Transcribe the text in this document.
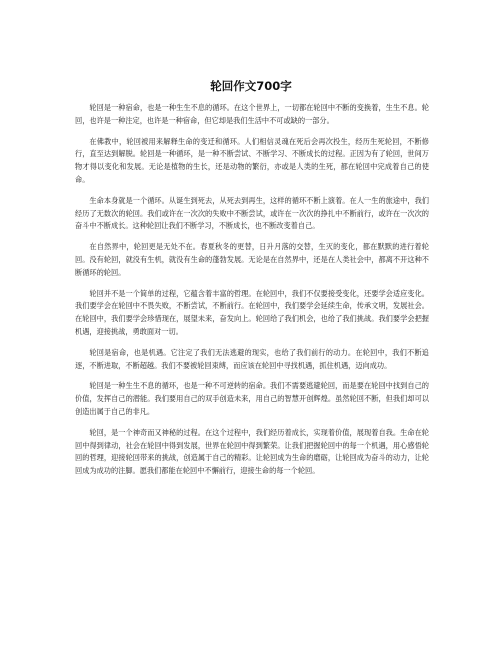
轮回作文700字

轮回是一种宿命，也是一种生生不息的循环。在这个世界上，一切都在轮回中不断的变换着，生生不息。轮回，也许是一种注定，也许是一种宿命，但它却是我们生活中不可或缺的一部分。

在佛教中，轮回被用来解释生命的变迁和循环。人们相信灵魂在死后会再次投生，经历生死轮回，不断修行，直至达到解脱。轮回是一种循环，是一种不断尝试、不断学习、不断成长的过程。正因为有了轮回，世间万物才得以变化和发展。无论是植物的生长，还是动物的繁衍，亦或是人类的生死，都在轮回中完成着自己的使命。

生命本身就是一个循环。从诞生到死去，从死去到再生，这样的循环不断上演着。在人一生的旅途中，我们经历了无数次的轮回。我们或许在一次次的失败中不断尝试，或许在一次次的挣扎中不断前行，或许在一次次的奋斗中不断成长。这种轮回让我们不断学习，不断成长，也不断改变着自己。

在自然界中，轮回更是无处不在。春夏秋冬的更替，日升月落的交替，生灭的变化，都在默默的进行着轮回。没有轮回，就没有生机，就没有生命的蓬勃发展。无论是在自然界中，还是在人类社会中，都离不开这种不断循环的轮回。

轮回并不是一个简单的过程，它蕴含着丰富的哲理。在轮回中，我们不仅要接受变化，还要学会适应变化。我们要学会在轮回中不畏失败，不断尝试，不断前行。在轮回中，我们要学会延续生命，传承文明，发展社会。在轮回中，我们要学会珍惜现在，展望未来，奋发向上。轮回给了我们机会，也给了我们挑战。我们要学会把握机遇，迎接挑战，勇敢面对一切。

轮回是宿命，也是机遇。它注定了我们无法逃避的现实，也给了我们前行的动力。在轮回中，我们不断追逐，不断进取，不断超越。我们不要被轮回束缚，而应该在轮回中寻找机遇，抓住机遇，迈向成功。

轮回是一种生生不息的循环，也是一种不可逆转的宿命。我们不需要逃避轮回，而是要在轮回中找到自己的价值，发挥自己的潜能。我们要用自己的双手创造未来，用自己的智慧开创辉煌。虽然轮回不断，但我们却可以创造出属于自己的非凡。

轮回，是一个神奇而又神秘的过程。在这个过程中，我们经历着成长，实现着价值，展现着自我。生命在轮回中得到律动，社会在轮回中得到发展，世界在轮回中得到繁荣。让我们把握轮回中的每一个机遇，用心感悟轮回的哲理，迎接轮回带来的挑战，创造属于自己的精彩。让轮回成为生命的磨砺，让轮回成为奋斗的动力，让轮回成为成功的注脚。愿我们都能在轮回中不懈前行，迎接生命的每一个轮回。
